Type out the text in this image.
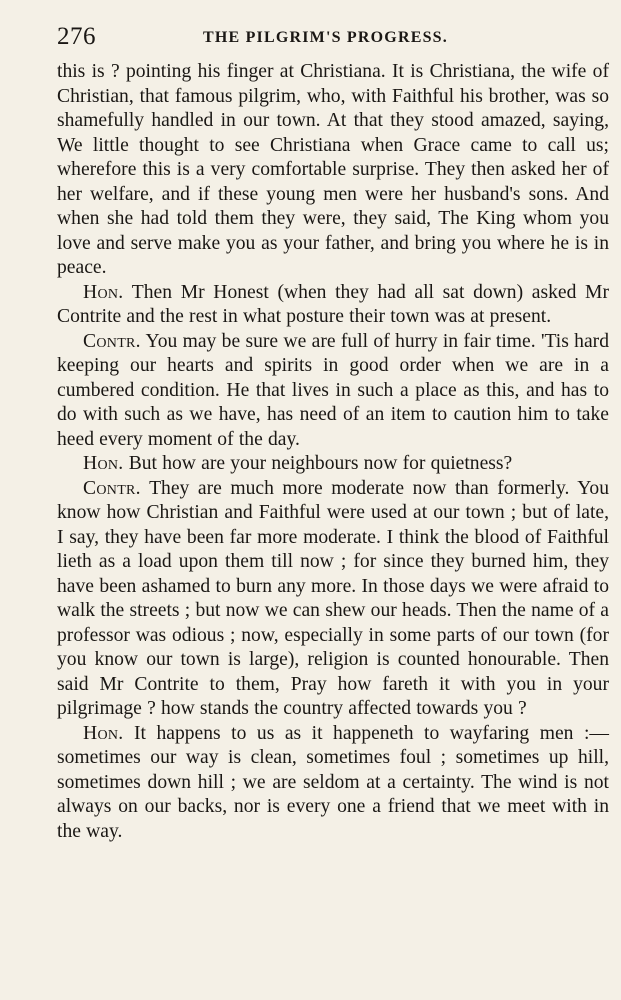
276	THE PILGRIM'S PROGRESS.

this is ? pointing his finger at Christiana. It is Christiana, the wife of Christian, that famous pilgrim, who, with Faithful his brother, was so shamefully handled in our town. At that they stood amazed, saying, We little thought to see Christiana when Grace came to call us; wherefore this is a very comfortable surprise. They then asked her of her welfare, and if these young men were her husband's sons. And when she had told them they were, they said, The King whom you love and serve make you as your father, and bring you where he is in peace.

Hon. Then Mr Honest (when they had all sat down) asked Mr Contrite and the rest in what posture their town was at present.

Contr. You may be sure we are full of hurry in fair time. 'Tis hard keeping our hearts and spirits in good order when we are in a cumbered condition. He that lives in such a place as this, and has to do with such as we have, has need of an item to caution him to take heed every moment of the day.

Hon. But how are your neighbours now for quietness?

Contr. They are much more moderate now than formerly. You know how Christian and Faithful were used at our town ; but of late, I say, they have been far more moderate. I think the blood of Faithful lieth as a load upon them till now ; for since they burned him, they have been ashamed to burn any more. In those days we were afraid to walk the streets ; but now we can shew our heads. Then the name of a professor was odious ; now, especially in some parts of our town (for you know our town is large), religion is counted honourable. Then said Mr Contrite to them, Pray how fareth it with you in your pilgrimage ? how stands the country affected towards you ?

Hon. It happens to us as it happeneth to wayfaring men :—sometimes our way is clean, sometimes foul ; sometimes up hill, sometimes down hill ; we are seldom at a certainty. The wind is not always on our backs, nor is every one a friend that we meet with in the way.
